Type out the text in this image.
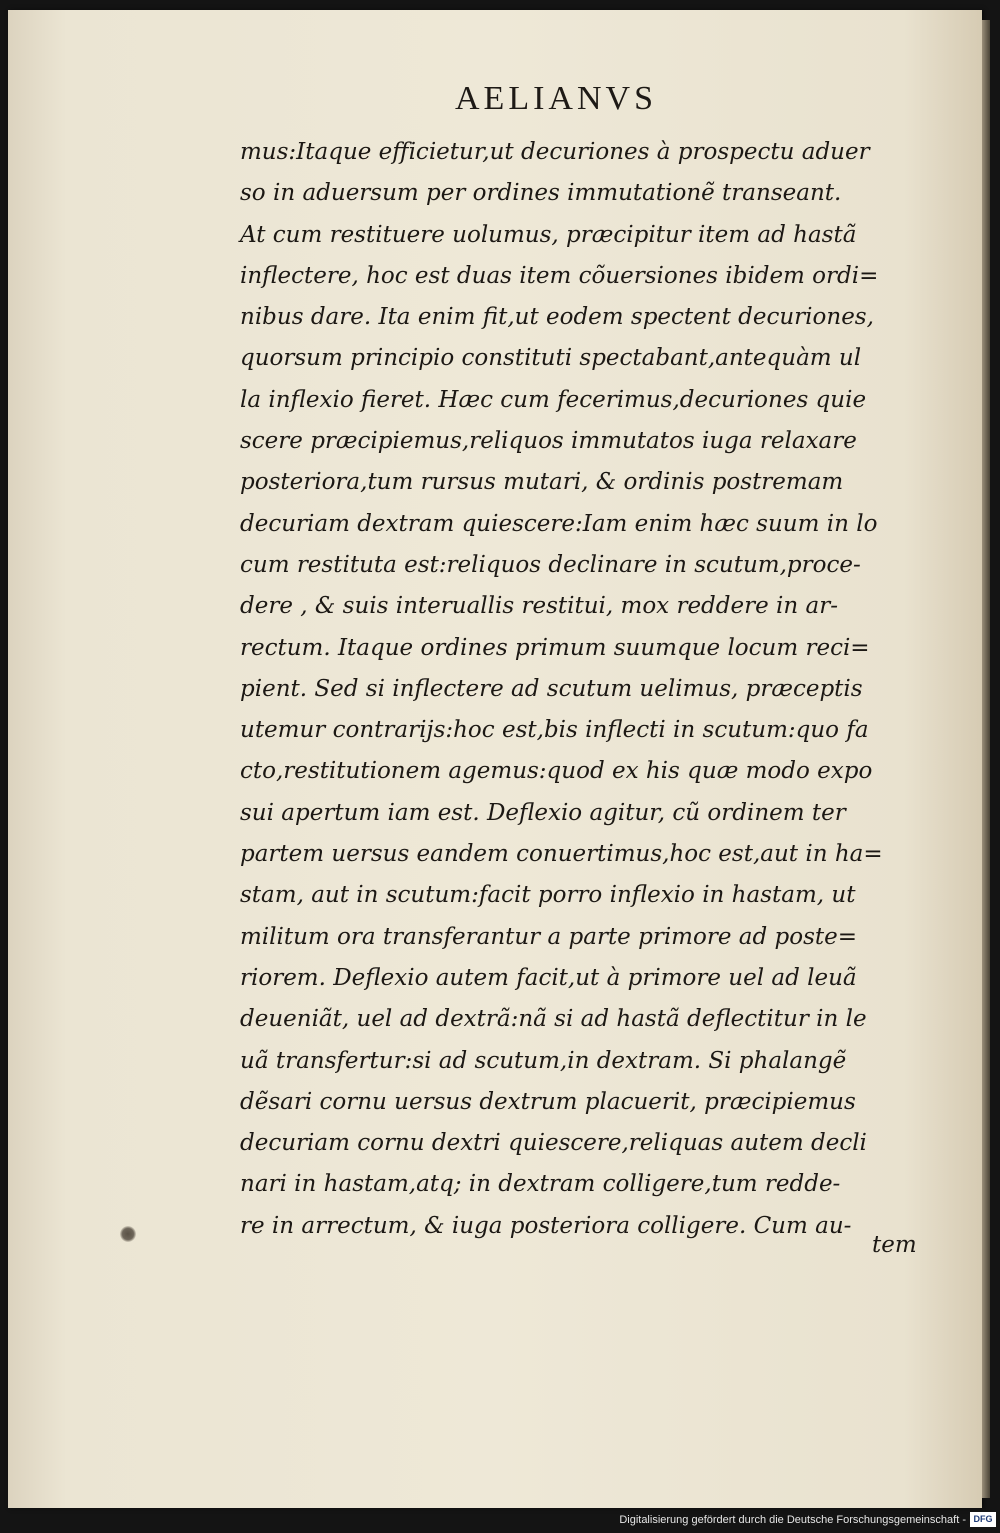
AELIANVS
mus:Itaque efficietur,ut decuriones à prospectu aduer
so in aduersum per ordines immutationẽ transeant.
At cum restituere uolumus, præcipitur item ad hastã
inflectere, hoc est duas item cõuersiones ibidem ordi=
nibus dare. Ita enim fit,ut eodem spectent decuriones,
quorsum principio constituti spectabant,antequàm ul
la inflexio fieret. Hæc cum fecerimus,decuriones quie
scere præcipiemus,reliquos immutatos iuga relaxare
posteriora,tum rursus mutari, & ordinis postremam
decuriam dextram quiescere:Iam enim hæc suum in lo
cum restituta est:reliquos declinare in scutum,proce-
dere , & suis interuallis restitui, mox reddere in ar-
rectum. Itaque ordines primum suumque locum reci=
pient. Sed si inflectere ad scutum uelimus, præceptis
utemur contrarijs:hoc est,bis inflecti in scutum:quo fa
cto,restitutionem agemus:quod ex his quæ modo expo
sui apertum iam est. Deflexio agitur, cũ ordinem ter
partem uersus eandem conuertimus,hoc est,aut in ha=
stam, aut in scutum:facit porro inflexio in hastam, ut
militum ora transferantur a parte primore ad poste=
riorem. Deflexio autem facit,ut à primore uel ad leuã
deueniãt, uel ad dextrã:nã si ad hastã deflectitur in le
uã transfertur:si ad scutum,in dextram. Si phalangẽ
dẽsari cornu uersus dextrum placuerit, præcipiemus
decuriam cornu dextri quiescere,reliquas autem decli
nari in hastam,atq; in dextram colligere,tum redde-
re in arrectum, & iuga posteriora colligere. Cum au-
tem
Digitalisierung gefördert durch die Deutsche Forschungsgemeinschaft - DFG
